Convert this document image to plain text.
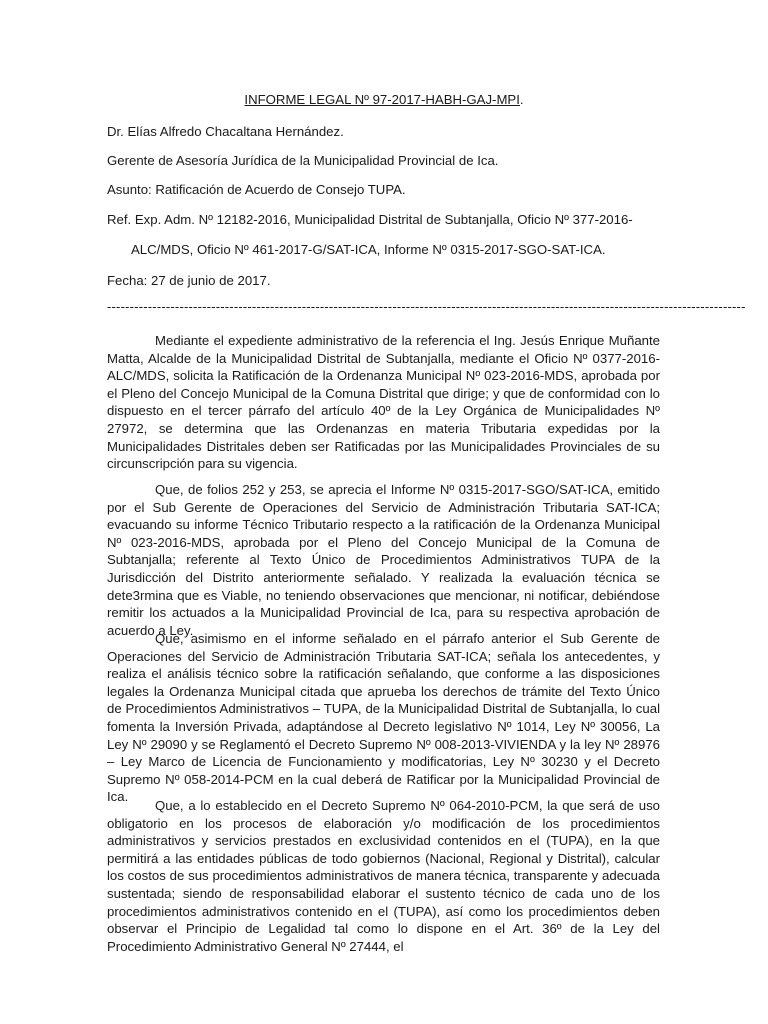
INFORME LEGAL Nº 97-2017-HABH-GAJ-MPI.
Dr. Elías Alfredo Chacaltana Hernández.
Gerente de Asesoría Jurídica de la Municipalidad Provincial de Ica.
Asunto: Ratificación de Acuerdo de Consejo TUPA.
Ref. Exp. Adm. Nº 12182-2016, Municipalidad Distrital de Subtanjalla, Oficio Nº 377-2016-
ALC/MDS, Oficio Nº 461-2017-G/SAT-ICA, Informe Nº 0315-2017-SGO-SAT-ICA.
Fecha: 27 de junio de 2017.
---------------------------------------------------------------------------------------------------------------------------------------------

Mediante el expediente administrativo de la referencia el Ing. Jesús Enrique Muñante Matta, Alcalde de la Municipalidad Distrital de Subtanjalla, mediante el Oficio Nº 0377-2016-ALC/MDS, solicita la Ratificación de la Ordenanza Municipal Nº 023-2016-MDS, aprobada por el Pleno del Concejo Municipal de la Comuna Distrital que dirige; y que de conformidad con lo dispuesto en el tercer párrafo del artículo 40º de la Ley Orgánica de Municipalidades Nº 27972, se determina que las Ordenanzas en materia Tributaria expedidas por la Municipalidades Distritales deben ser Ratificadas por las Municipalidades Provinciales de su circunscripción para su vigencia.

Que, de folios 252 y 253, se aprecia el Informe Nº 0315-2017-SGO/SAT-ICA, emitido por el Sub Gerente de Operaciones del Servicio de Administración Tributaria SAT-ICA; evacuando su informe Técnico Tributario respecto a la ratificación de la Ordenanza Municipal Nº 023-2016-MDS, aprobada por el Pleno del Concejo Municipal de la Comuna de Subtanjalla; referente al Texto Único de Procedimientos Administrativos TUPA de la Jurisdicción del Distrito anteriormente señalado. Y realizada la evaluación técnica se dete3rmina que es Viable, no teniendo observaciones que mencionar, ni notificar, debiéndose remitir los actuados a la Municipalidad Provincial de Ica, para su respectiva aprobación de acuerdo a Ley.

Que, asimismo en el informe señalado en el párrafo anterior el Sub Gerente de Operaciones del Servicio de Administración Tributaria SAT-ICA; señala los antecedentes, y realiza el análisis técnico sobre la ratificación señalando, que conforme a las disposiciones legales la Ordenanza Municipal citada que aprueba los derechos de trámite del Texto Único de Procedimientos Administrativos – TUPA, de la Municipalidad Distrital de Subtanjalla, lo cual fomenta la Inversión Privada, adaptándose al Decreto legislativo Nº 1014, Ley Nº 30056, La Ley Nº 29090 y se Reglamentó el Decreto Supremo Nº 008-2013-VIVIENDA y la ley Nº 28976 – Ley Marco de Licencia de Funcionamiento y modificatorias, Ley Nº 30230 y el Decreto Supremo Nº 058-2014-PCM en la cual deberá de Ratificar por la Municipalidad Provincial de Ica.

Que, a lo establecido en el Decreto Supremo Nº 064-2010-PCM, la que será de uso obligatorio en los procesos de elaboración y/o modificación de los procedimientos administrativos y servicios prestados en exclusividad contenidos en el (TUPA), en la que permitirá a las entidades públicas de todo gobiernos (Nacional, Regional y Distrital), calcular los costos de sus procedimientos administrativos de manera técnica, transparente y adecuada sustentada; siendo de responsabilidad elaborar el sustento técnico de cada uno de los procedimientos administrativos contenido en el (TUPA), así como los procedimientos deben observar el Principio de Legalidad tal como lo dispone en el Art. 36º de la Ley del Procedimiento Administrativo General Nº 27444, el
